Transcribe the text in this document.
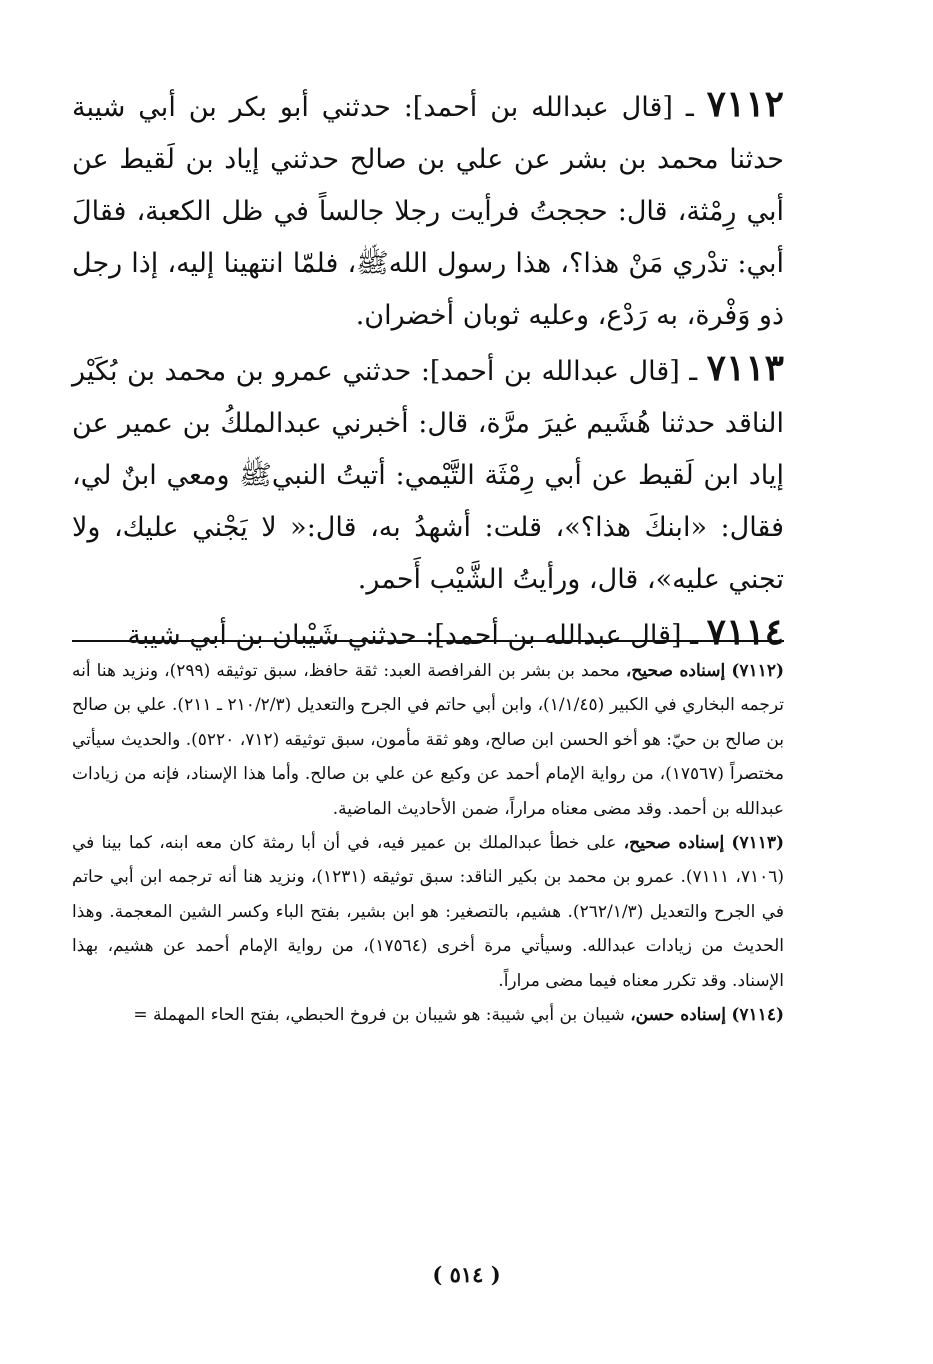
٧١١٢ ـ [قال عبدالله بن أحمد]: حدثني أبو بكر بن أبي شيبة حدثنا محمد بن بشر عن علي بن صالح حدثني إياد بن لَقيط عن أبي رِمْثة، قال: حججتُ فرأيت رجلا جالساً في ظل الكعبة، فقالَ أبي: تدْري مَنْ هذا؟، هذا رسول اللهﷺ، فلمّا انتهينا إليه، إذا رجل ذو وَفْرة، به رَدْع، وعليه ثوبان أخضران.

٧١١٣ ـ [قال عبدالله بن أحمد]: حدثني عمرو بن محمد بن بُكَيْر الناقد حدثنا هُشَيم غيرَ مرَّة، قال: أخبرني عبدالملكُ بن عمير عن إياد ابن لَقيط عن أبي رِمْثَة التَّيْمي: أتيتُ النبيﷺ ومعي ابنٌ لي، فقال: «ابنكَ هذا؟»، قلت: أشهدُ به، قال:« لا يَجْني عليك، ولا تجني عليه»، قال، ورأيتُ الشَّيْب أَحمر.

٧١١٤ ـ [قال عبدالله بن أحمد]: حدثني شَيْبان بن أبي شيبة

(٧١١٢) إسناده صحيح، محمد بن بشر بن الفرافصة العبد: ثقة حافظ، سبق توثيقه (٢٩٩)، ونزيد هنا أنه ترجمه البخاري في الكبير (١/١/٤٥)، وابن أبي حاتم في الجرح والتعديل (٢١٠/٢/٣ ـ ٢١١). علي بن صالح بن صالح بن حيّ: هو أخو الحسن ابن صالح، وهو ثقة مأمون، سبق توثيقه (٧١٢، ٥٢٢٠). والحديث سيأتي مختصراً (١٧٥٦٧)، من رواية الإمام أحمد عن وكيع عن علي بن صالح. وأما هذا الإسناد، فإنه من زيادات عبدالله بن أحمد. وقد مضى معناه مراراً، ضمن الأحاديث الماضية.

(٧١١٣) إسناده صحيح، على خطأ عبدالملك بن عمير فيه، في أن أبا رمثة كان معه ابنه، كما بينا في (٧١٠٦، ٧١١١). عمرو بن محمد بن بكير الناقد: سبق توثيقه (١٢٣١)، ونزيد هنا أنه ترجمه ابن أبي حاتم في الجرح والتعديل (٢٦٢/١/٣). هشيم، بالتصغير: هو ابن بشير، بفتح الباء وكسر الشين المعجمة. وهذا الحديث من زيادات عبدالله. وسيأتي مرة أخرى (١٧٥٦٤)، من رواية الإمام أحمد عن هشيم، بهذا الإسناد. وقد تكرر معناه فيما مضى مراراً.

(٧١١٤) إسناده حسن، شيبان بن أبي شيبة: هو شيبان بن فروخ الحبطي، بفتح الحاء المهملة =

( ٥١٤ )
